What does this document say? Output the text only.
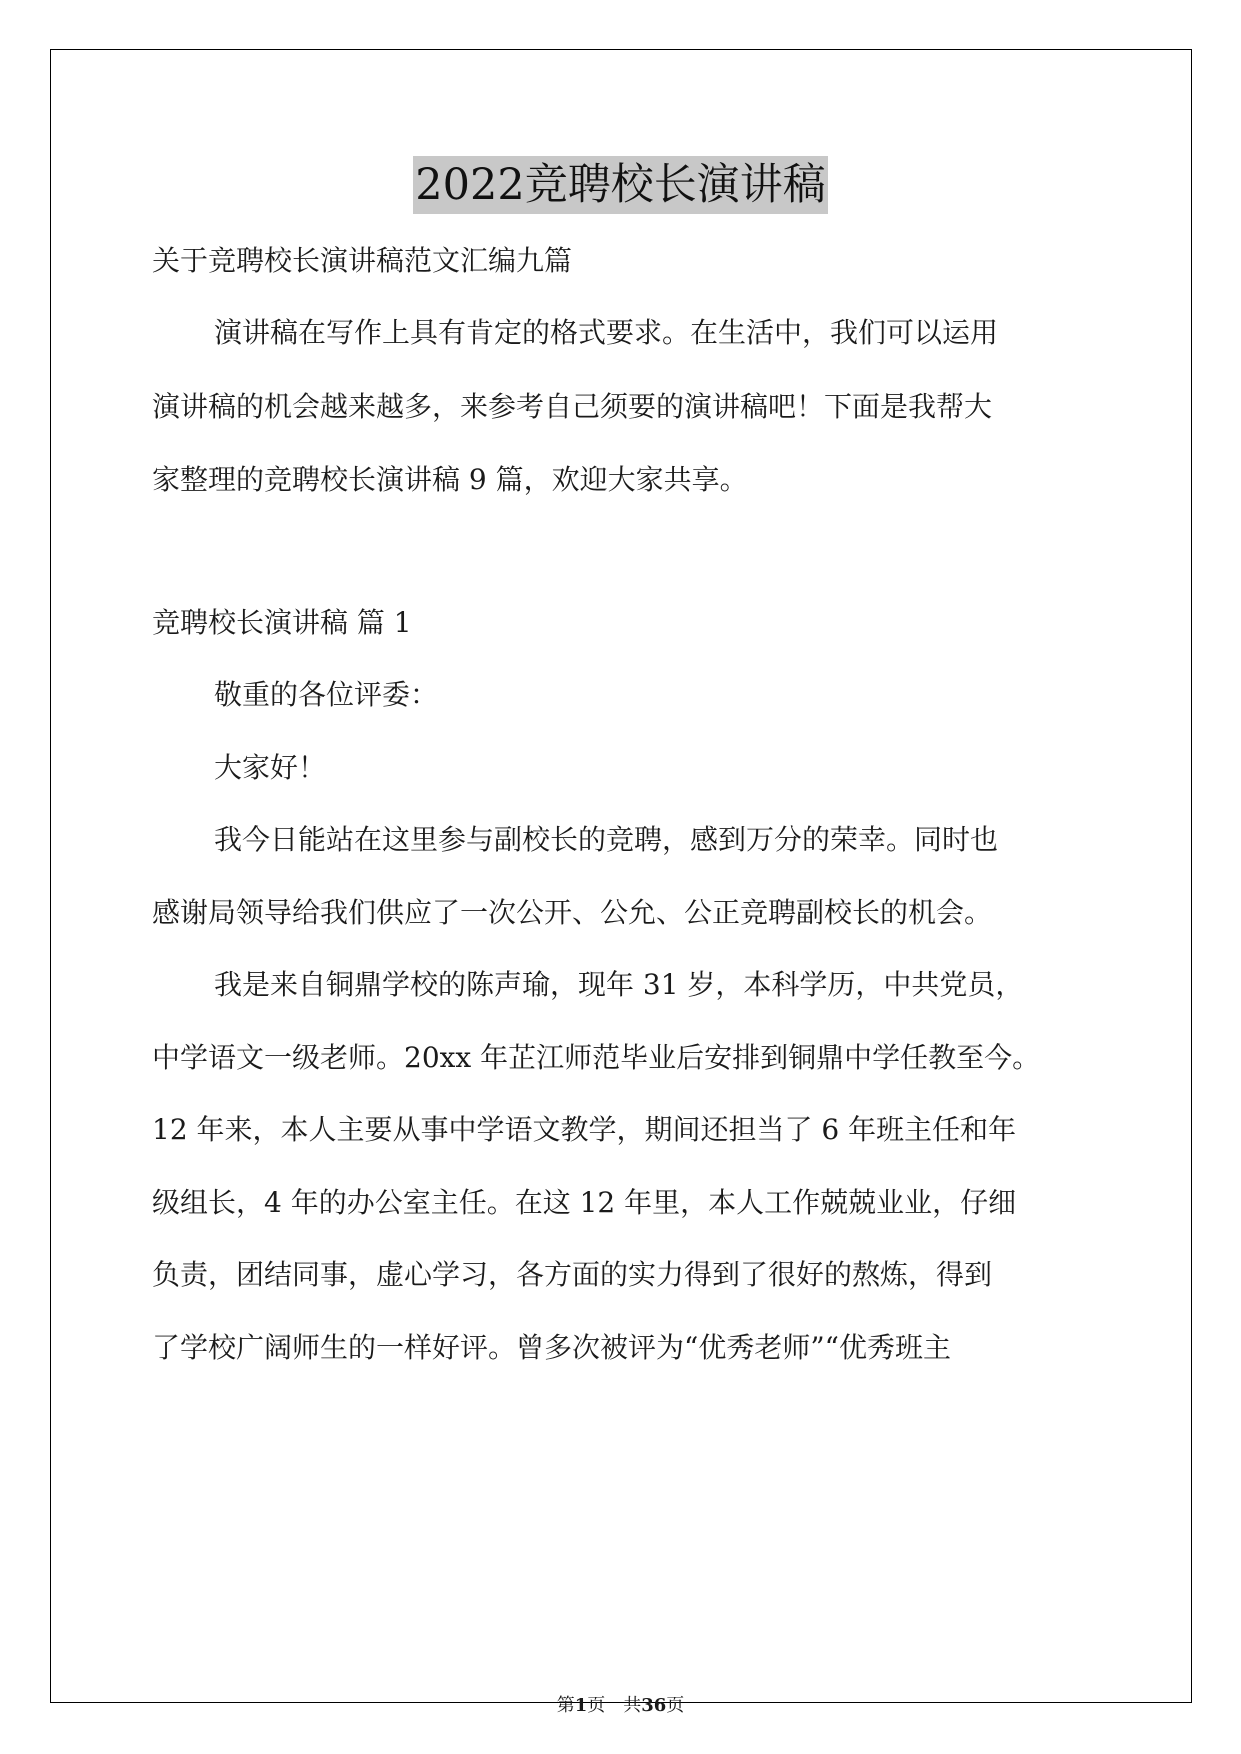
2022竞聘校长演讲稿
关于竞聘校长演讲稿范文汇编九篇
演讲稿在写作上具有肯定的格式要求。在生活中，我们可以运用
演讲稿的机会越来越多，来参考自己须要的演讲稿吧！下面是我帮大
家整理的竞聘校长演讲稿 9 篇，欢迎大家共享。
竞聘校长演讲稿 篇 1
敬重的各位评委：
大家好！
我今日能站在这里参与副校长的竞聘，感到万分的荣幸。同时也
感谢局领导给我们供应了一次公开、公允、公正竞聘副校长的机会。
我是来自铜鼎学校的陈声瑜，现年 31 岁，本科学历，中共党员，
中学语文一级老师。20xx 年芷江师范毕业后安排到铜鼎中学任教至今。
12 年来，本人主要从事中学语文教学，期间还担当了 6 年班主任和年
级组长，4 年的办公室主任。在这 12 年里，本人工作兢兢业业，仔细
负责，团结同事，虚心学习，各方面的实力得到了很好的熬炼，得到
了学校广阔师生的一样好评。曾多次被评为“优秀老师”“优秀班主
第1页　共36页
